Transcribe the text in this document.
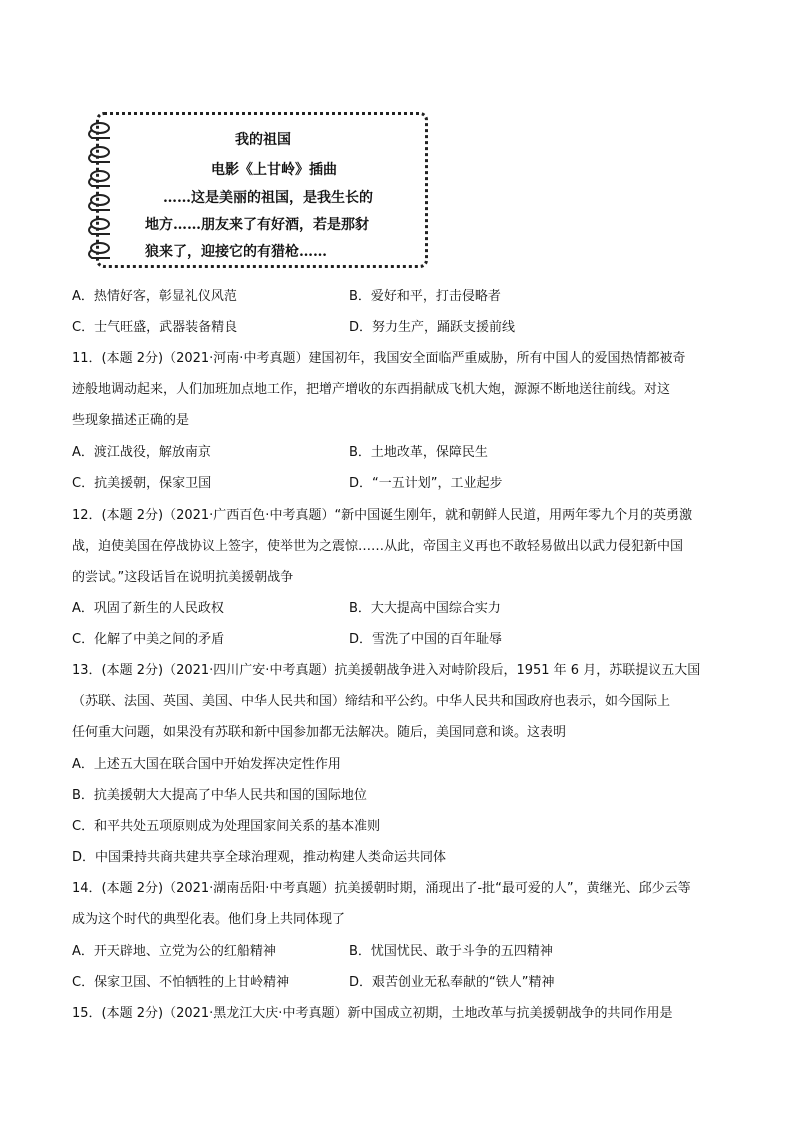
我的祖国
电影《上甘岭》插曲
……这是美丽的祖国，是我生长的
地方……朋友来了有好酒，若是那豺
狼来了，迎接它的有猎枪……
A．热情好客，彰显礼仪风范	B．爱好和平，打击侵略者
C．士气旺盛，武器装备精良	D．努力生产，踊跃支援前线
11．(本题 2分)（2021·河南·中考真题）建国初年，我国安全面临严重威胁，所有中国人的爱国热情都被奇
迹般地调动起来，人们加班加点地工作，把增产增收的东西捐献成飞机大炮，源源不断地送往前线。对这
些现象描述正确的是
A．渡江战役，解放南京	B．土地改革，保障民生
C．抗美援朝，保家卫国	D．“一五计划”，工业起步
12．(本题 2分)（2021·广西百色·中考真题）“新中国诞生刚年，就和朝鲜人民道，用两年零九个月的英勇激
战，迫使美国在停战协议上签字，使举世为之震惊……从此，帝国主义再也不敢轻易做出以武力侵犯新中国
的尝试。”这段话旨在说明抗美援朝战争
A．巩固了新生的人民政权	B．大大提高中国综合实力
C．化解了中美之间的矛盾	D．雪洗了中国的百年耻辱
13．(本题 2分)（2021·四川广安·中考真题）抗美援朝战争进入对峙阶段后，1951 年 6 月，苏联提议五大国
（苏联、法国、英国、美国、中华人民共和国）缔结和平公约。中华人民共和国政府也表示，如今国际上
任何重大问题，如果没有苏联和新中国参加都无法解决。随后，美国同意和谈。这表明
A．上述五大国在联合国中开始发挥决定性作用
B．抗美援朝大大提高了中华人民共和国的国际地位
C．和平共处五项原则成为处理国家间关系的基本准则
D．中国秉持共商共建共享全球治理观，推动构建人类命运共同体
14．(本题 2分)（2021·湖南岳阳·中考真题）抗美援朝时期，涌现出了-批“最可爱的人”，黄继光、邱少云等
成为这个时代的典型化表。他们身上共同体现了
A．开天辟地、立党为公的红船精神	B．忧国忧民、敢于斗争的五四精神
C．保家卫国、不怕牺牲的上甘岭精神	D．艰苦创业无私奉献的“铁人”精神
15．(本题 2分)（2021·黑龙江大庆·中考真题）新中国成立初期，土地改革与抗美援朝战争的共同作用是
